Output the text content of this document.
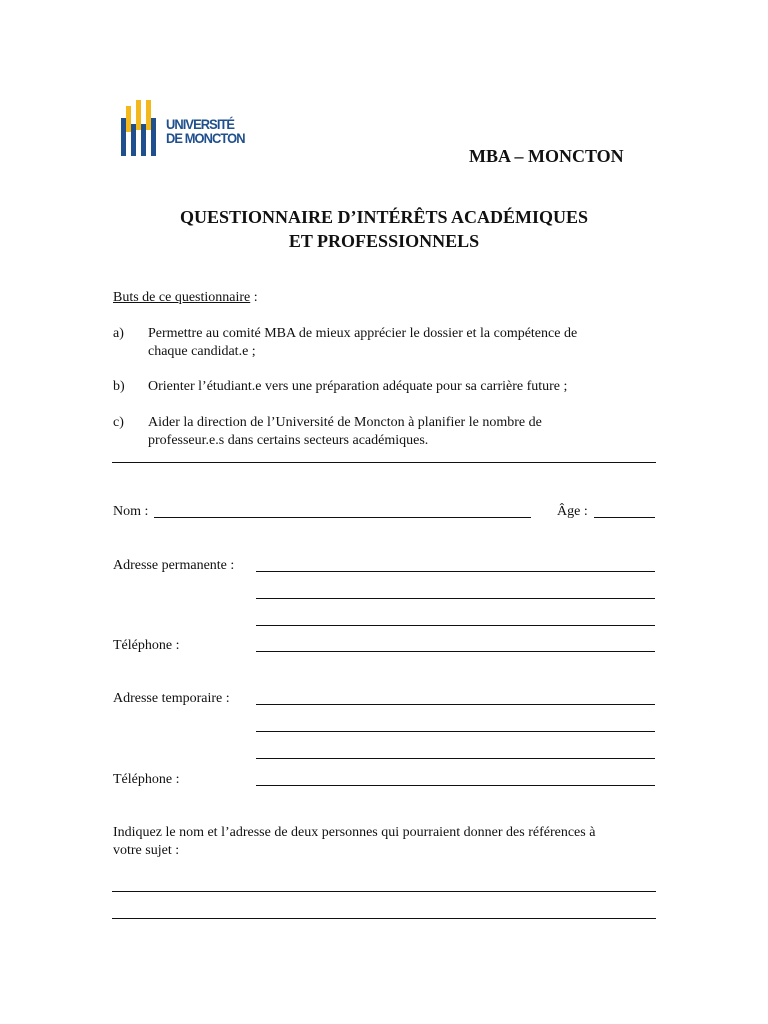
UNIVERSITÉ
DE MONCTON
MBA – MONCTON
QUESTIONNAIRE D’INTÉRÊTS ACADÉMIQUES
ET PROFESSIONNELS
Buts de ce questionnaire :
a) Permettre au comité MBA de mieux apprécier le dossier et la compétence de
chaque candidat.e ;
b) Orienter l’étudiant.e vers une préparation adéquate pour sa carrière future ;
c) Aider la direction de l’Université de Moncton à planifier le nombre de
professeur.e.s dans certains secteurs académiques.
Nom :	Âge :
Adresse permanente :
Téléphone :
Adresse temporaire :
Téléphone :
Indiquez le nom et l’adresse de deux personnes qui pourraient donner des références à
votre sujet :
